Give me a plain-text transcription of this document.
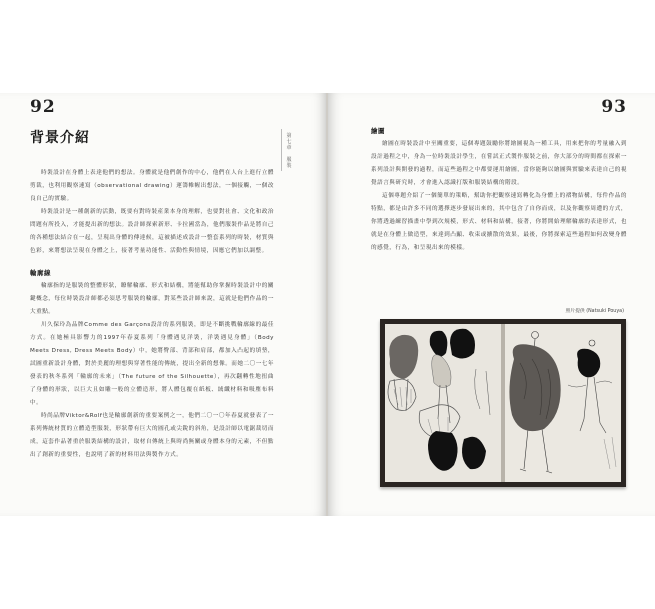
92
背景介紹	第
七
章

服
裝

時裝設計在身體上表達他們的想法。身體就是他們創作的中心，他們在人台上進行立體剪裁，也利用觀察速寫（observational drawing）運籌帷幄出想法，一個接觸，一個改良自己的實驗。

時裝設計是一種創新的活動，既要有對時裝產業本身的理解，也要對社會、文化和政治問題有所投入，才能提出新的想法。設計師探索新形、卡拉國當為，他們服裝作品是將自己的各種想法結合在一起，呈現出身體的傳達候，這被描述成設計一整套系列的時裝，材質與色彩，來將想法呈現在身體之上，接著考量功能性、活動性與情境，因應它們加以調整。

輪廓線

輪廓指的是服裝的整體形狀，瞭解輪廓、形式和結構，將能幫助你掌握時裝設計中的關鍵概念，每位時裝設計師都必須思考服裝的輪廓，對某些設計師來說，這就是他們作品的一大重點。

川久保玲為品牌Comme des Garçons設計的系列服裝，即是不斷挑戰輪廓線的最佳方式。在她極具影響力的1997年春夏系列「身體遇見洋裝，洋裝遇見身體」（Body Meets Dress, Dress Meets Body）中，她將臀部、背部和肩部，都加入凸起的填墊，試圖重新設計身體，對於美麗的理想與穿著性能的傳統，提出全新的想像。而她二〇一七年發表的秋冬系列「輪廓的未來」（The future of the Silhouette），再次翻轉性地扭曲了身體的形狀，以巨大且如雕一般的立體造形，將人體包覆在紙板、絨纖材料和吸塵布料中。

時尚品牌Viktor&Rolf也是輪廓創新的重要案例之一，他們二〇一〇年春夏就發表了一系列傳統材質的立體造型服裝，形狀帶有巨大的圓孔或尖銳的斜角，是設計師以電鋸裁切而成，這套作品著重於服裝結構的設計，取材自傳統上與時尚無關或身體本身的元素，不但點出了創新的重要性，也說明了新的材料用法與製作方式。

93

繪圖

繪圖在時裝設計中至關重要，這個專題鼓勵你將繪圖視為一種工具，用來把你的考量融入到設計過程之中，身為一位時裝設計學生，在嘗試正式製作服裝之前，你大部分的時間都在探索一系列設計與開發的過程，而這些過程之中都要運用繪圖，當你能夠以繪圖與實驗來表達自己的視覺語言與研究時，才會進入認識打版和服裝結構的階段。

這個專題介紹了一個簡單的策略，幫助你把觀察速寫轉化為身體上的褶物結構，每件作品的特點，都是由許多不同的選擇逐步發展出來的，其中包含了自你而成，以及你觀察周遭的方式，你將透過練習描畫中學到次規模，形式、材料和結構，接著，你將開始理解輪廓的表達形式，也就是在身體上做造型，來達到凸顯、收束或擴散的效果，最後，你將探索這些過程如何改變身體的感覺，行為，和呈現出來的模樣。

照片提供 (Natsuki Pouya)
